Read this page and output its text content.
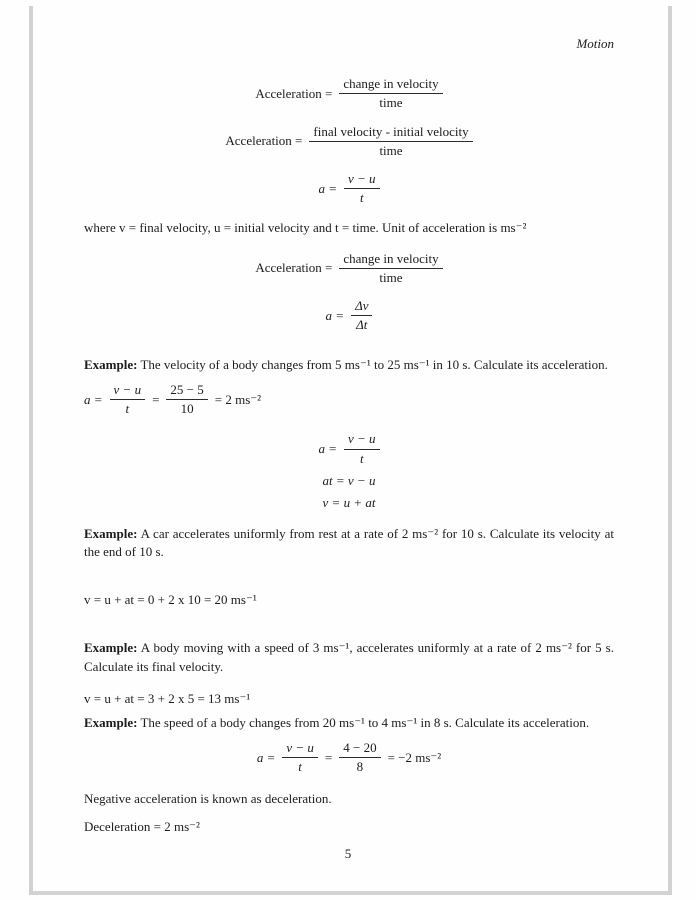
Motion
Acceleration = $\frac{\text{change in velocity}}{\text{time}}$
Acceleration = $\frac{\text{final velocity - initial velocity}}{\text{time}}$
$a = \frac{v - u}{t}$

where v = final velocity, u = initial velocity and t = time. Unit of acceleration is ms⁻²

Acceleration = $\frac{\text{change in velocity}}{\text{time}}$
$a = \frac{\Delta v}{\Delta t}$

Example: The velocity of a body changes from 5 ms⁻¹ to 25 ms⁻¹ in 10 s. Calculate its acceleration.

$a = \frac{v - u}{t} = \frac{25 - 5}{10} = 2$ ms⁻²
$a = \frac{v - u}{t}$
at = v − u
v = u + at

Example: A car accelerates uniformly from rest at a rate of 2 ms⁻² for 10 s. Calculate its velocity at the end of 10 s.

v = u + at = 0 + 2 x 10 = 20 ms⁻¹

Example: A body moving with a speed of 3 ms⁻¹, accelerates uniformly at a rate of 2 ms⁻² for 5 s. Calculate its final velocity.

v = u + at = 3 + 2 x 5 = 13 ms⁻¹

Example: The speed of a body changes from 20 ms⁻¹ to 4 ms⁻¹ in 8 s. Calculate its acceleration.

$a = \frac{v - u}{t} = \frac{4 - 20}{8} = -2$ ms⁻²

Negative acceleration is known as deceleration.

Deceleration = 2 ms⁻²

5
